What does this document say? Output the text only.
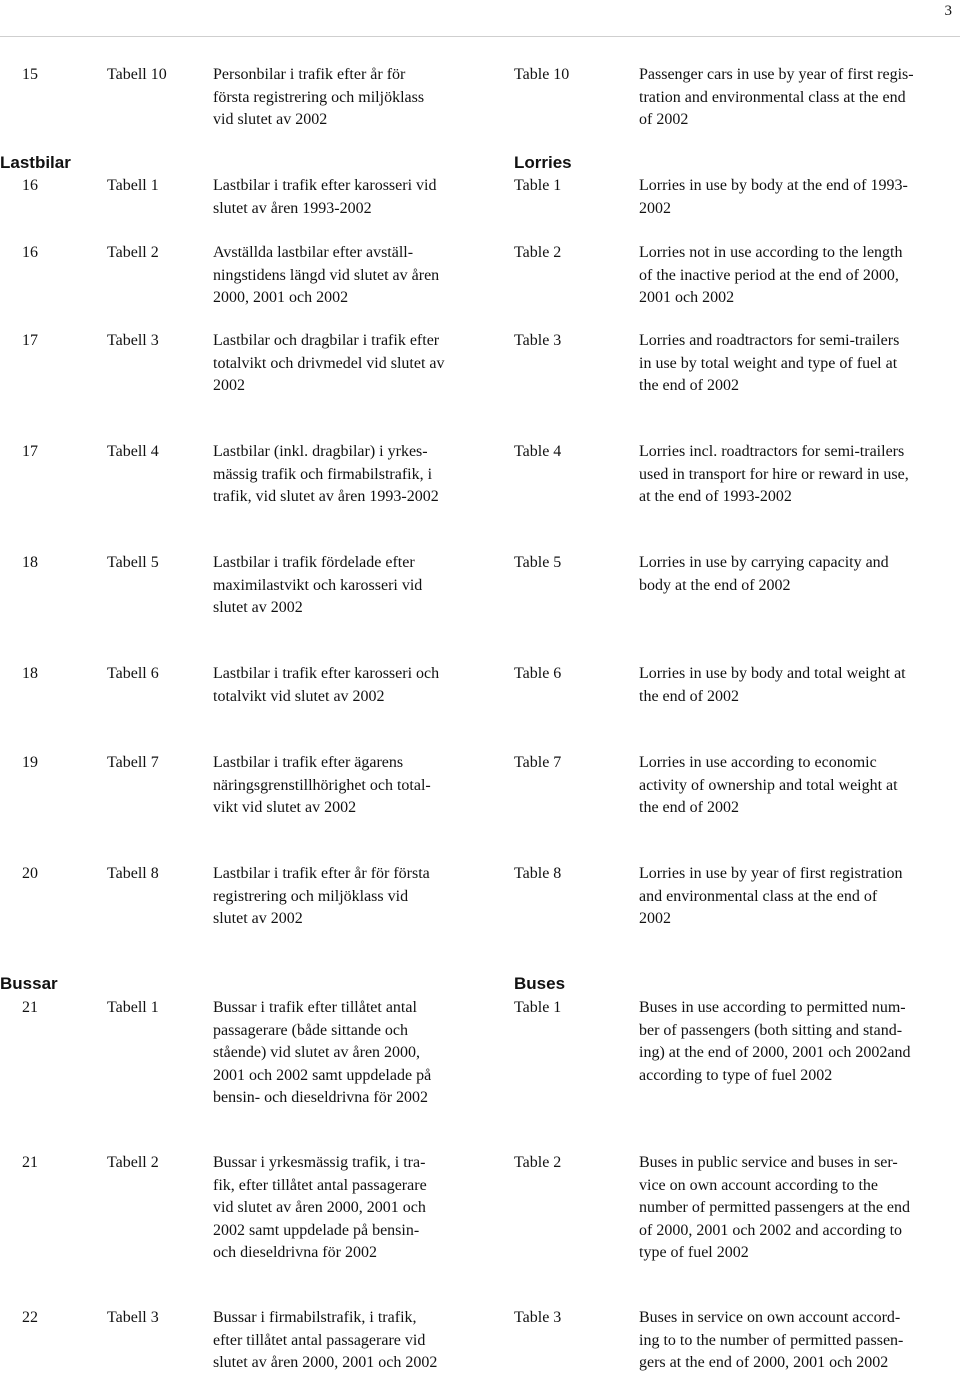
3
15	Tabell 10	Personbilar i trafik efter år för
första registrering och miljöklass
vid slutet av 2002
Table 10	Passenger cars in use by year of first regis-
tration and environmental class at the end
of 2002
Lastbilar	Lorries
16	Tabell 1	Lastbilar i trafik efter karosseri vid
slutet av åren 1993-2002
Table 1	Lorries in use by body at the end of 1993-
2002
16	Tabell 2	Avställda lastbilar efter avställ-
ningstidens längd vid slutet av åren
2000, 2001 och 2002
Table 2	Lorries not in use according to the length
of the inactive period at the end of 2000,
2001 och 2002
17	Tabell 3	Lastbilar och dragbilar i trafik efter
totalvikt och drivmedel vid slutet av
2002
Table 3	Lorries and roadtractors for semi-trailers
in use by total weight and type of fuel at
the end of 2002
17	Tabell 4	Lastbilar (inkl. dragbilar) i yrkes-
mässig trafik och firmabilstrafik, i
trafik, vid slutet av åren 1993-2002
Table 4	Lorries incl. roadtractors for semi-trailers
used in transport for hire or reward in use,
at the end of 1993-2002
18	Tabell 5	Lastbilar i trafik fördelade efter
maximilastvikt och karosseri vid
slutet av 2002
Table 5	Lorries in use by carrying capacity and
body at the end of 2002
18	Tabell 6	Lastbilar i trafik efter karosseri och
totalvikt vid slutet av 2002
Table 6	Lorries in use by body and total weight at
the end of 2002
19	Tabell 7	Lastbilar i trafik efter ägarens
näringsgrenstillhörighet och total-
vikt vid slutet av 2002
Table 7	Lorries in use according to economic
activity of ownership and total weight at
the end of 2002
20	Tabell 8	Lastbilar i trafik efter år för första
registrering och miljöklass vid
slutet av 2002
Table 8	Lorries in use by year of first registration
and environmental class at the end of
2002
Bussar	Buses
21	Tabell 1	Bussar i trafik efter tillåtet antal
passagerare (både sittande och
stående) vid slutet av åren 2000,
2001 och 2002 samt uppdelade på
bensin- och dieseldrivna för 2002
Table 1	Buses in use according to permitted num-
ber of passengers (both sitting and stand-
ing) at the end of 2000, 2001 och 2002and
according to type of fuel 2002
21	Tabell 2	Bussar i yrkesmässig trafik, i tra-
fik, efter tillåtet antal passagerare
vid slutet av åren 2000, 2001 och
2002 samt uppdelade på bensin-
och dieseldrivna för 2002
Table 2	Buses in public service and buses in ser-
vice on own account according to the
number of permitted passengers at the end
of 2000, 2001 och 2002 and according to
type of fuel 2002
22	Tabell 3	Bussar i firmabilstrafik, i trafik,
efter tillåtet antal passagerare vid
slutet av åren 2000, 2001 och 2002
Table 3	Buses in service on own account accord-
ing to to the number of permitted passen-
gers at the end of 2000, 2001 och 2002
